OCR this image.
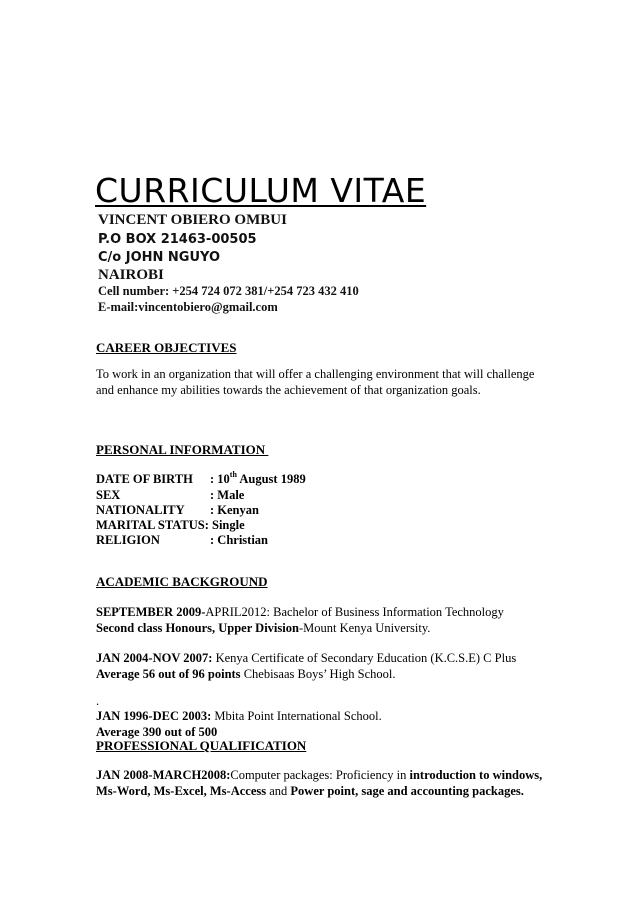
CURRICULUM VITAE

VINCENT OBIERO OMBUI

P.O BOX 21463-00505

C/o JOHN NGUYO

NAIROBI

Cell number: +254 724 072 381/+254 723 432 410

E-mail:vincentobiero@gmail.com

CAREER OBJECTIVES

To work in an organization that will offer a challenging environment that will challenge and enhance my abilities towards the achievement of that organization goals.

PERSONAL INFORMATION

DATE OF BIRTH : 10th August 1989
SEX	: Male
NATIONALITY : Kenyan
MARITAL STATUS: Single
RELIGION	: Christian

ACADEMIC BACKGROUND

SEPTEMBER 2009-APRIL2012: Bachelor of Business Information Technology
Second class Honours, Upper Division-Mount Kenya University.

JAN 2004-NOV 2007: Kenya Certificate of Secondary Education (K.C.S.E) C Plus
Average 56 out of 96 points Chebisaas Boys’ High School.

.

JAN 1996-DEC 2003: Mbita Point International School.
Average 390 out of 500

PROFESSIONAL QUALIFICATION

JAN 2008-MARCH2008:Computer packages: Proficiency in introduction to windows, Ms-Word, Ms-Excel, Ms-Access and Power point, sage and accounting packages.
